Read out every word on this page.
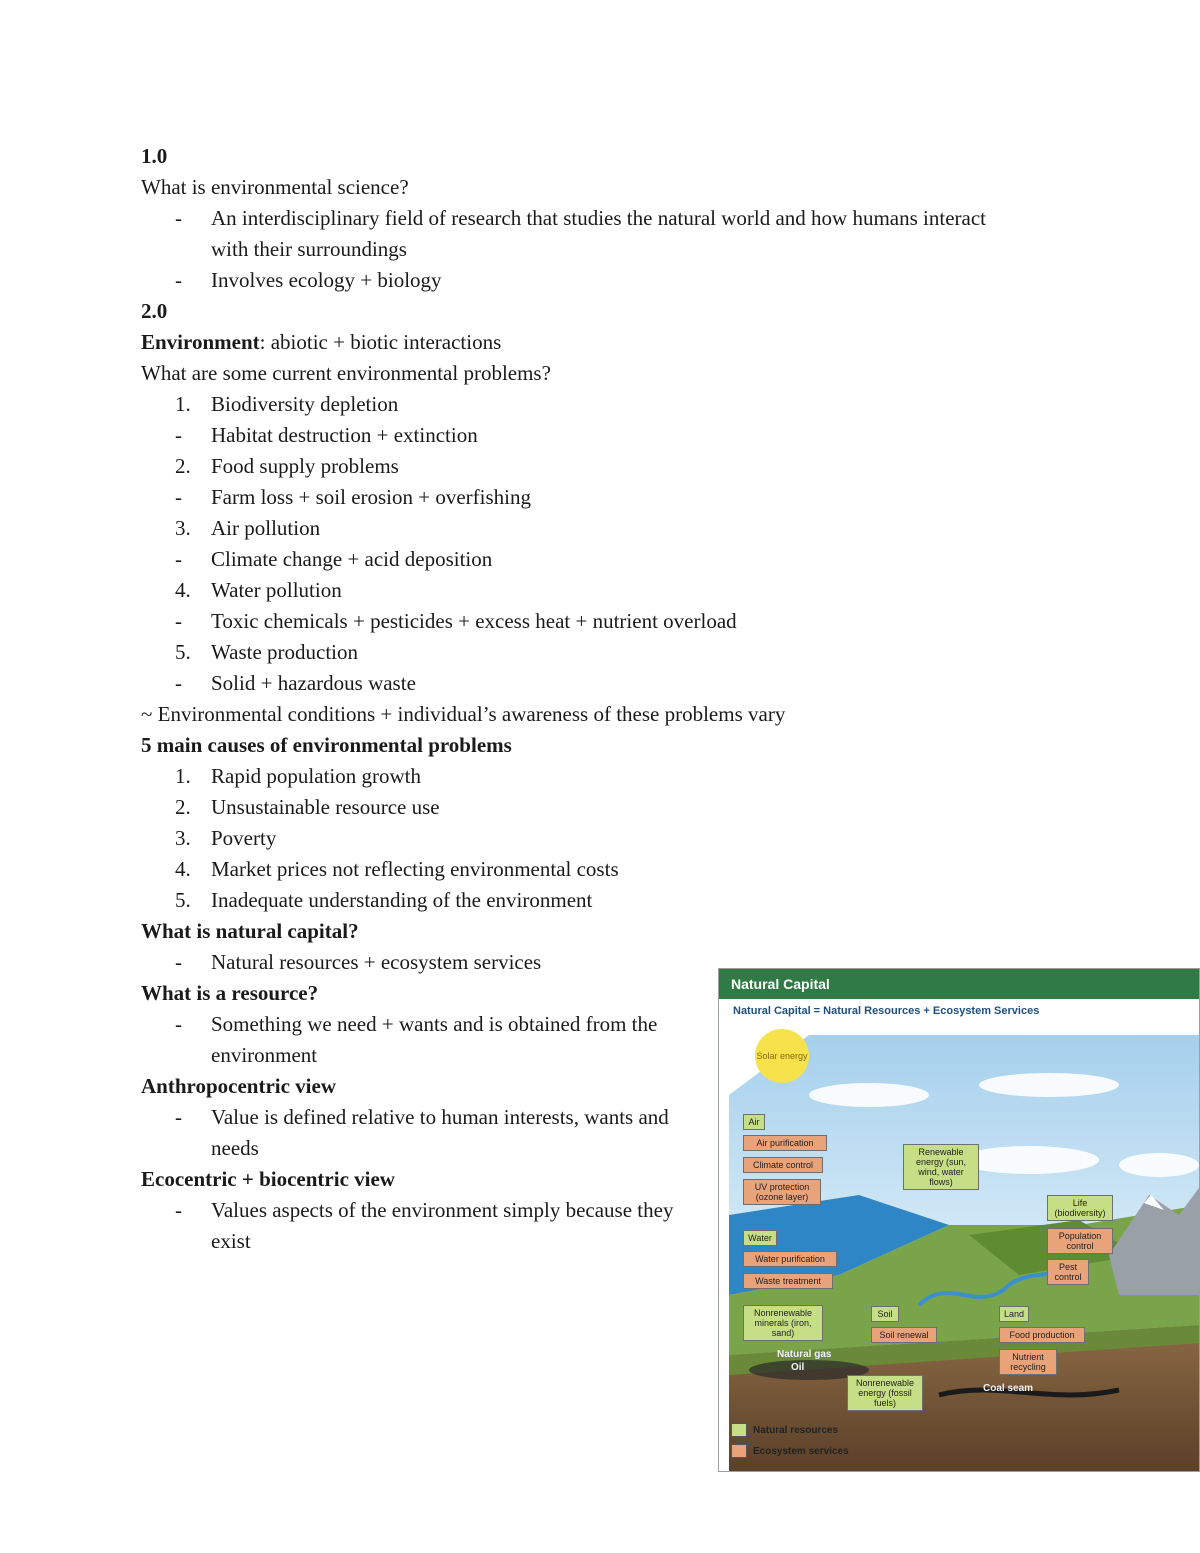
1.0
What is environmental science?
- An interdisciplinary field of research that studies the natural world and how humans interact with their surroundings
- Involves ecology + biology
2.0
Environment: abiotic + biotic interactions
What are some current environmental problems?
1. Biodiversity depletion
- Habitat destruction + extinction
2. Food supply problems
- Farm loss + soil erosion + overfishing
3. Air pollution
- Climate change + acid deposition
4. Water pollution
- Toxic chemicals + pesticides + excess heat + nutrient overload
5. Waste production
- Solid + hazardous waste
~ Environmental conditions + individual’s awareness of these problems vary
5 main causes of environmental problems
1. Rapid population growth
2. Unsustainable resource use
3. Poverty
4. Market prices not reflecting environmental costs
5. Inadequate understanding of the environment
What is natural capital?
- Natural resources + ecosystem services
What is a resource?
- Something we need + wants and is obtained from the environment
Anthropocentric view
- Value is defined relative to human interests, wants and needs
Ecocentric + biocentric view
- Values aspects of the environment simply because they exist
Natural Capital
Natural Capital = Natural Resources + Ecosystem Services
Solar energy
Air
Air purification
Climate control
UV protection (ozone layer)
Renewable energy (sun, wind, water flows)
Life (biodiversity)
Population control
Pest control
Water
Water purification
Waste treatment
Nonrenewable minerals (iron, sand)
Soil
Soil renewal
Land
Food production
Nutrient recycling
Natural gas
Oil
Nonrenewable energy (fossil fuels)
Coal seam
Natural resources
Ecosystem services
